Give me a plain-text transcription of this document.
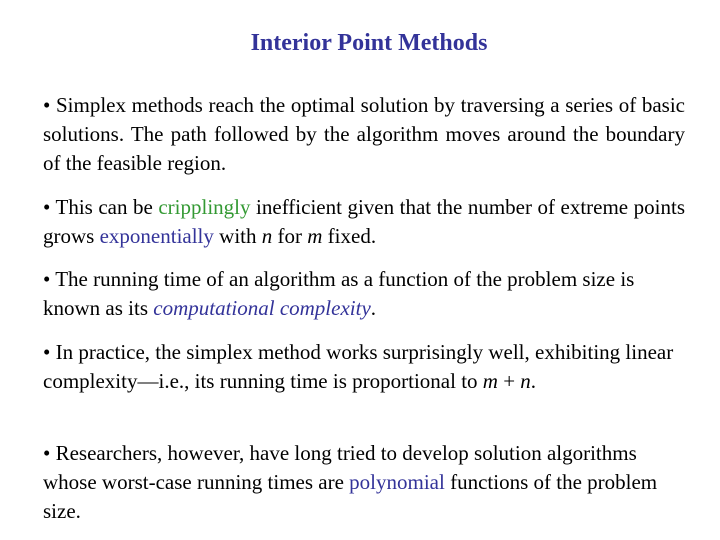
Interior Point Methods

• Simplex methods reach the optimal solution by traversing a series of basic solutions. The path followed by the algorithm moves around the boundary of the feasible region.

• This can be cripplingly inefficient given that the number of extreme points grows exponentially with n for m fixed.

• The running time of an algorithm as a function of the problem size is known as its computational complexity.

• In practice, the simplex method works surprisingly well, exhibiting linear complexity—i.e., its running time is proportional to m + n.

• Researchers, however, have long tried to develop solution algorithms whose worst-case running times are polynomial functions of the problem size.
